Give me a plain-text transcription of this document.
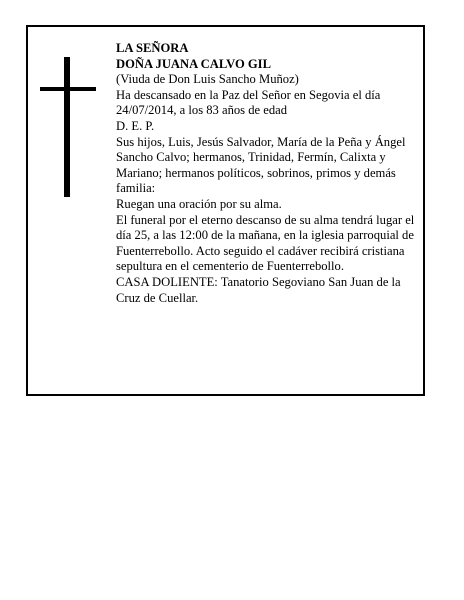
LA SEÑORA

DOÑA JUANA CALVO GIL

(Viuda de Don Luis Sancho Muñoz)

Ha descansado en la Paz del Señor en Segovia el día 24/07/2014, a los 83 años de edad

D. E. P.

Sus hijos, Luis, Jesús Salvador, María de la Peña y Ángel Sancho Calvo; hermanos, Trinidad, Fermín, Calixta y Mariano; hermanos políticos, sobrinos, primos y demás familia:

Ruegan una oración por su alma.

El funeral por el eterno descanso de su alma tendrá lugar el día 25, a las 12:00 de la mañana, en la iglesia parroquial de Fuenterrebollo. Acto seguido el cadáver recibirá cristiana sepultura en el cementerio de Fuenterrebollo.

CASA DOLIENTE: Tanatorio Segoviano San Juan de la Cruz de Cuellar.
